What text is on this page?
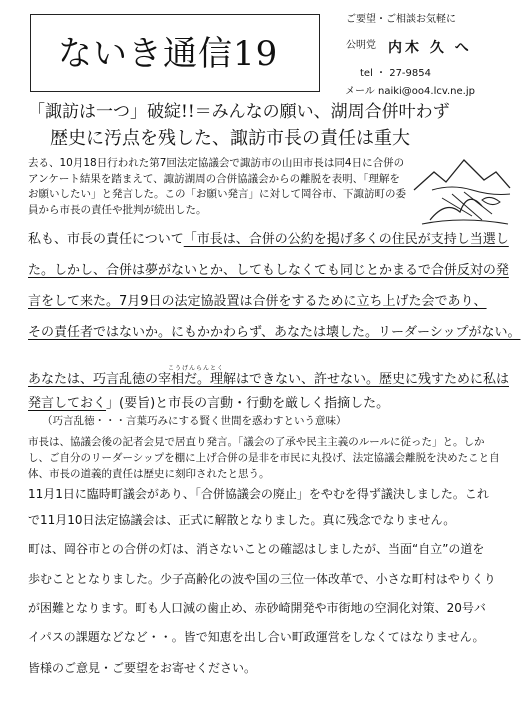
ないき通信19
ご要望・ご相談お気軽に
公明党 内木 久 へ
tel ・ 27-9854
メール naiki@oo4.lcv.ne.jp
「諏訪は一つ」破綻!!＝みんなの願い、湖周合併叶わず
歴史に汚点を残した、諏訪市長の責任は重大
去る、10月18日行われた第7回法定協議会で諏訪市の山田市長は同4日に合併のアンケート結果を踏まえて、諏訪湖周の合併協議会からの離脱を表明、「理解をお願いしたい」と発言した。この「お願い発言」に対して岡谷市、下諏訪町の委員から市長の責任や批判が続出した。
私も、市長の責任について「市長は、合併の公約を掲げ多くの住民が支持し当選し
た。しかし、合併は夢がないとか、してもしなくても同じとかまるで合併反対の発
言をして来た。7月9日の法定協設置は合併をするために立ち上げた会であり、
その責任者ではないか。にもかかわらず、あなたは壊した。リーダーシップがない。
こうげんらんとく
あなたは、巧言乱徳の宰相だ。理解はできない、許せない。歴史に残すために私は
発言しておく」(要旨)と市長の言動・行動を厳しく指摘した。
（巧言乱徳・・・言葉巧みにする賢く世間を惑わすという意味）
市長は、協議会後の記者会見で居直り発言。「議会の了承や民主主義のルールに従った」と。しかし、ご自分のリーダーシップを棚に上げ合併の是非を市民に丸投げ、法定協議会離脱を決めたこと自体、市長の道義的責任は歴史に刻印されたと思う。
11月1日に臨時町議会があり、「合併協議会の廃止」をやむを得ず議決しました。これ
で11月10日法定協議会は、正式に解散となりました。真に残念でなりません。
町は、岡谷市との合併の灯は、消さないことの確認はしましたが、当面“自立”の道を
歩むこととなりました。少子高齢化の波や国の三位一体改革で、小さな町村はやりくり
が困難となります。町も人口減の歯止め、赤砂崎開発や市街地の空洞化対策、20号バ
イパスの課題などなど・・。皆で知恵を出し合い町政運営をしなくてはなりません。
皆様のご意見・ご要望をお寄せください。
